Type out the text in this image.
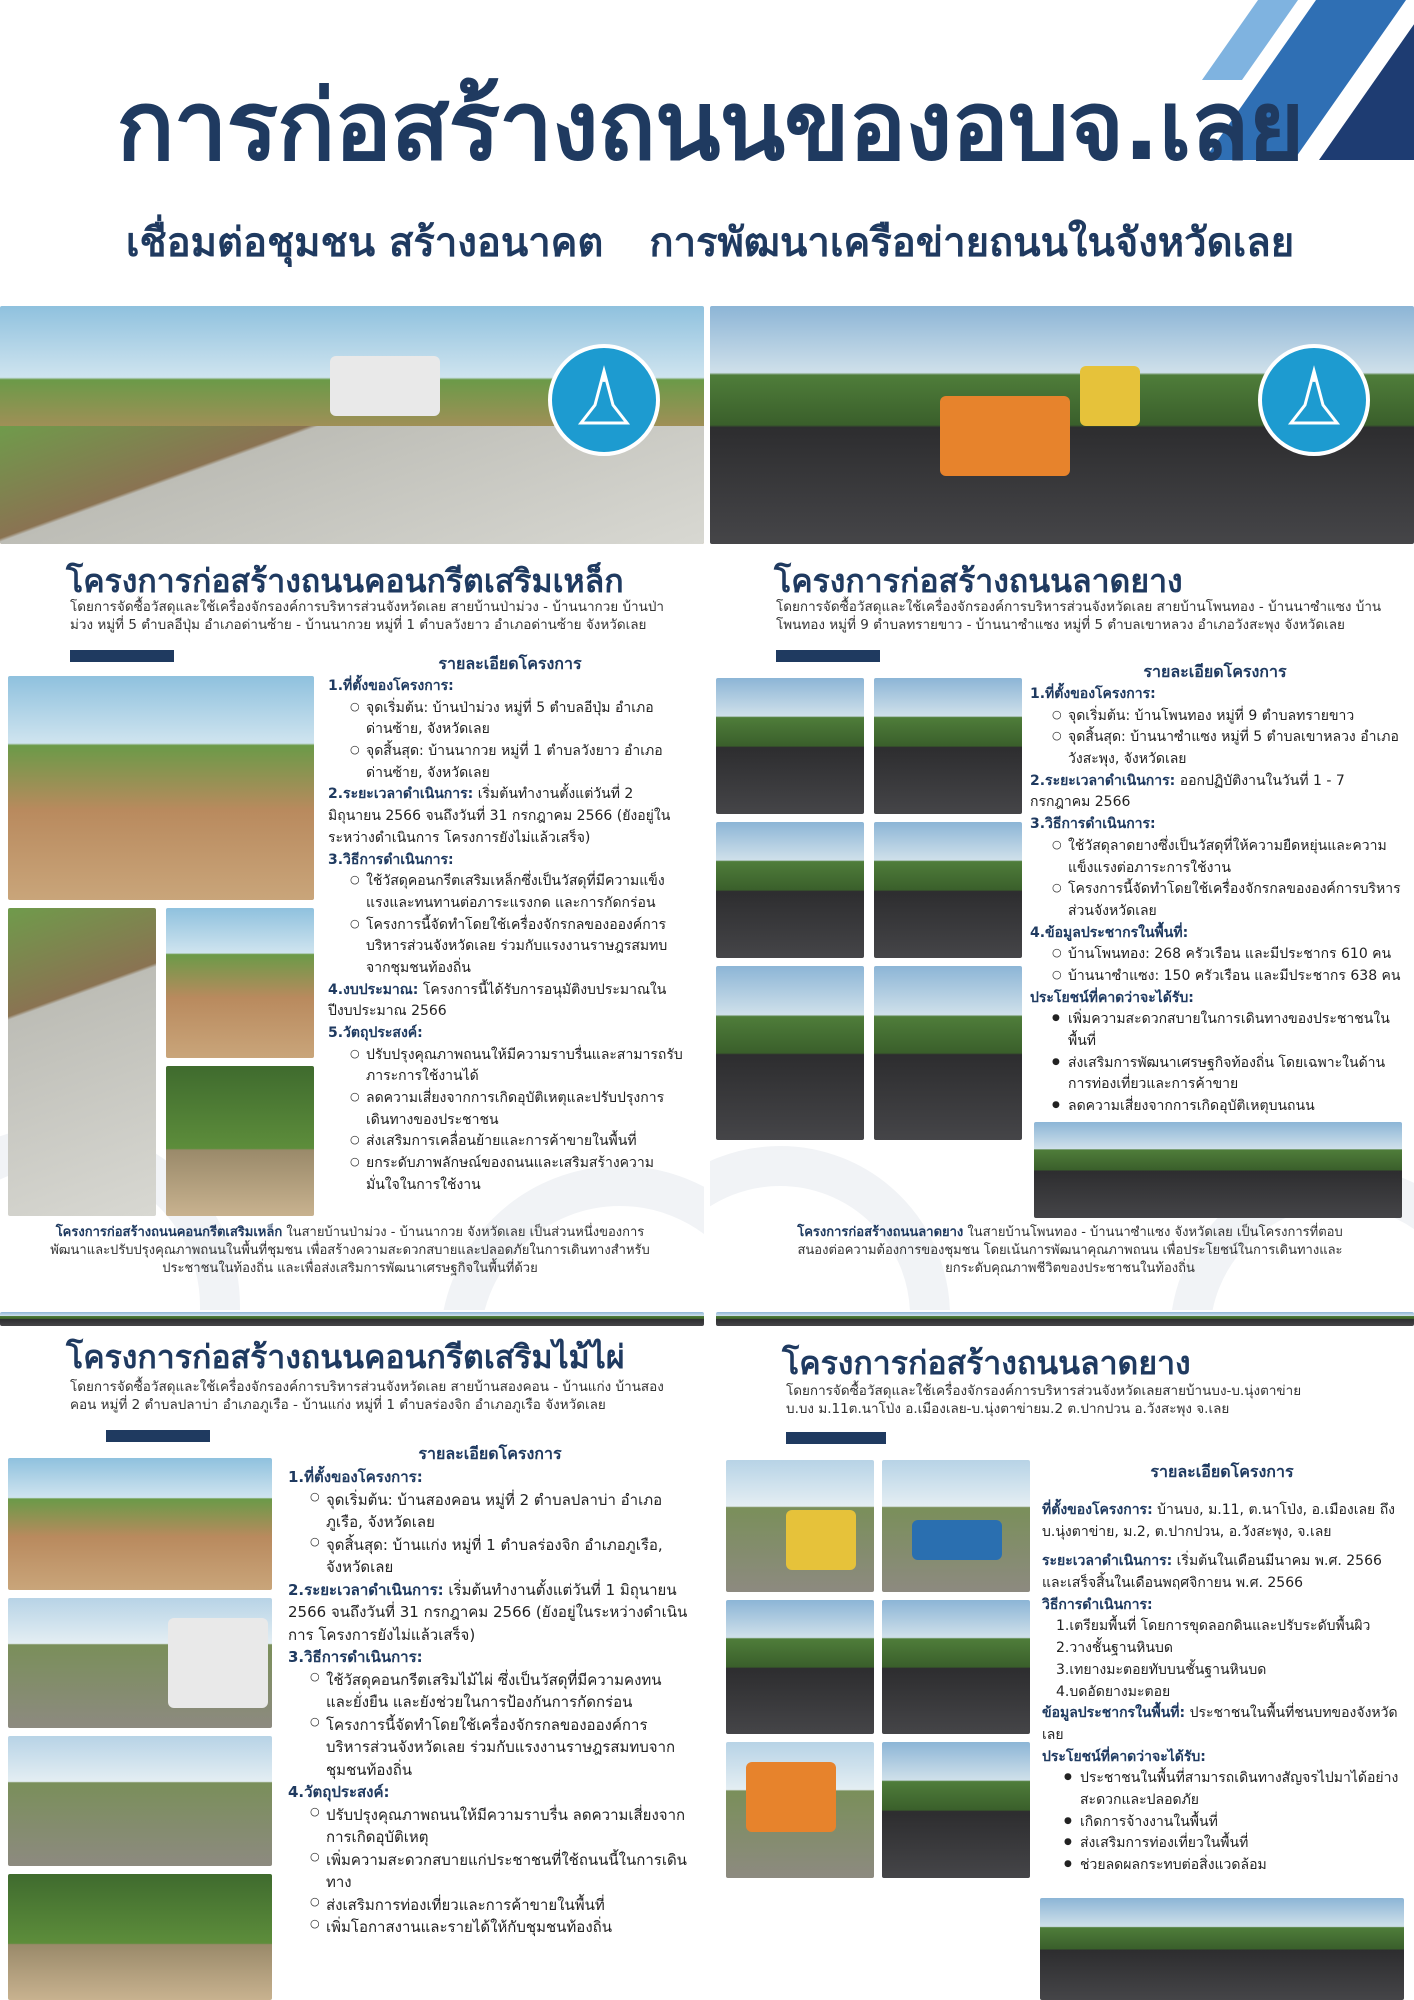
การก่อสร้างถนนของอบจ.เลย
เชื่อมต่อชุมชน สร้างอนาคต การพัฒนาเครือข่ายถนนในจังหวัดเลย
โครงการก่อสร้างถนนคอนกรีตเสริมเหล็ก
โดยการจัดซื้อวัสดุและใช้เครื่องจักรองค์การบริหารส่วนจังหวัดเลย สายบ้านป่าม่วง - บ้านนากวย บ้านป่าม่วง หมู่ที่ 5 ตำบลอีปุ่ม อำเภอด่านซ้าย - บ้านนากวย หมู่ที่ 1 ตำบลวังยาว อำเภอด่านซ้าย จังหวัดเลย
รายละเอียดโครงการ
1.ที่ตั้งของโครงการ:
○ จุดเริ่มต้น: บ้านป่าม่วง หมู่ที่ 5 ตำบลอีปุ่ม อำเภอด่านซ้าย, จังหวัดเลย
○ จุดสิ้นสุด: บ้านนากวย หมู่ที่ 1 ตำบลวังยาว อำเภอด่านซ้าย, จังหวัดเลย
2.ระยะเวลาดำเนินการ: เริ่มต้นทำงานตั้งแต่วันที่ 2 มิถุนายน 2566 จนถึงวันที่ 31 กรกฎาคม 2566 (ยังอยู่ในระหว่างดำเนินการ โครงการยังไม่แล้วเสร็จ)
3.วิธีการดำเนินการ:
○ ใช้วัสดุคอนกรีตเสริมเหล็กซึ่งเป็นวัสดุที่มีความแข็งแรงและทนทานต่อภาระแรงกด และการกัดกร่อน
○ โครงการนี้จัดทำโดยใช้เครื่องจักรกลของอองค์การบริหารส่วนจังหวัดเลย ร่วมกับแรงงานราษฎรสมทบจากชุมชนท้องถิ่น
4.งบประมาณ: โครงการนี้ได้รับการอนุมัติงบประมาณในปีงบประมาณ 2566
5.วัตถุประสงค์:
○ ปรับปรุงคุณภาพถนนให้มีความราบรื่นและสามารถรับภาระการใช้งานได้
○ ลดความเสี่ยงจากการเกิดอุบัติเหตุและปรับปรุงการเดินทางของประชาชน
○ ส่งเสริมการเคลื่อนย้ายและการค้าขายในพื้นที่
○ ยกระดับภาพลักษณ์ของถนนและเสริมสร้างความมั่นใจในการใช้งาน
โครงการก่อสร้างถนนคอนกรีตเสริมเหล็ก ในสายบ้านป่าม่วง - บ้านนากวย จังหวัดเลย เป็นส่วนหนึ่งของการพัฒนาและปรับปรุงคุณภาพถนนในพื้นที่ชุมชน เพื่อสร้างความสะดวกสบายและปลอดภัยในการเดินทางสำหรับประชาชนในท้องถิ่น และเพื่อส่งเสริมการพัฒนาเศรษฐกิจในพื้นที่ด้วย
โครงการก่อสร้างถนนลาดยาง
โดยการจัดซื้อวัสดุและใช้เครื่องจักรองค์การบริหารส่วนจังหวัดเลย สายบ้านโพนทอง - บ้านนาซำแซง บ้านโพนทอง หมู่ที่ 9 ตำบลทรายขาว - บ้านนาซำแซง หมู่ที่ 5 ตำบลเขาหลวง อำเภอวังสะพุง จังหวัดเลย
รายละเอียดโครงการ
1.ที่ตั้งของโครงการ:
○ จุดเริ่มต้น: บ้านโพนทอง หมู่ที่ 9 ตำบลทรายขาว
○ จุดสิ้นสุด: บ้านนาซำแซง หมู่ที่ 5 ตำบลเขาหลวง อำเภอวังสะพุง, จังหวัดเลย
2.ระยะเวลาดำเนินการ: ออกปฏิบัติงานในวันที่ 1 - 7 กรกฎาคม 2566
3.วิธีการดำเนินการ:
○ ใช้วัสดุลาดยางซึ่งเป็นวัสดุที่ให้ความยืดหยุ่นและความแข็งแรงต่อภาระการใช้งาน
○ โครงการนี้จัดทำโดยใช้เครื่องจักรกลขององค์การบริหารส่วนจังหวัดเลย
4.ข้อมูลประชากรในพื้นที่:
○ บ้านโพนทอง: 268 ครัวเรือน และมีประชากร 610 คน
○ บ้านนาซำแซง: 150 ครัวเรือน และมีประชากร 638 คน
ประโยชน์ที่คาดว่าจะได้รับ:
● เพิ่มความสะดวกสบายในการเดินทางของประชาชนในพื้นที่
● ส่งเสริมการพัฒนาเศรษฐกิจท้องถิ่น โดยเฉพาะในด้านการท่องเที่ยวและการค้าขาย
● ลดความเสี่ยงจากการเกิดอุบัติเหตุบนถนน
โครงการก่อสร้างถนนลาดยาง ในสายบ้านโพนทอง - บ้านนาซำแซง จังหวัดเลย เป็นโครงการที่ตอบสนองต่อความต้องการของชุมชน โดยเน้นการพัฒนาคุณภาพถนน เพื่อประโยชน์ในการเดินทางและยกระดับคุณภาพชีวิตของประชาชนในท้องถิ่น
โครงการก่อสร้างถนนคอนกรีตเสริมไม้ไผ่
โดยการจัดซื้อวัสดุและใช้เครื่องจักรองค์การบริหารส่วนจังหวัดเลย สายบ้านสองคอน - บ้านแก่ง บ้านสองคอน หมู่ที่ 2 ตำบลปลาบ่า อำเภอภูเรือ - บ้านแก่ง หมู่ที่ 1 ตำบลร่องจิก อำเภอภูเรือ จังหวัดเลย
รายละเอียดโครงการ
1.ที่ตั้งของโครงการ:
○ จุดเริ่มต้น: บ้านสองคอน หมู่ที่ 2 ตำบลปลาบ่า อำเภอภูเรือ, จังหวัดเลย
○ จุดสิ้นสุด: บ้านแก่ง หมู่ที่ 1 ตำบลร่องจิก อำเภอภูเรือ, จังหวัดเลย
2.ระยะเวลาดำเนินการ: เริ่มต้นทำงานตั้งแต่วันที่ 1 มิถุนายน 2566 จนถึงวันที่ 31 กรกฎาคม 2566 (ยังอยู่ในระหว่างดำเนินการ โครงการยังไม่แล้วเสร็จ)
3.วิธีการดำเนินการ:
○ ใช้วัสดุคอนกรีตเสริมไม้ไผ่ ซึ่งเป็นวัสดุที่มีความคงทนและยั่งยืน และยังช่วยในการป้องกันการกัดกร่อน
○ โครงการนี้จัดทำโดยใช้เครื่องจักรกลของอองค์การบริหารส่วนจังหวัดเลย ร่วมกับแรงงานราษฎรสมทบจากชุมชนท้องถิ่น
4.วัตถุประสงค์:
○ ปรับปรุงคุณภาพถนนให้มีความราบรื่น ลดความเสี่ยงจากการเกิดอุบัติเหตุ
○ เพิ่มความสะดวกสบายแก่ประชาชนที่ใช้ถนนนี้ในการเดินทาง
○ ส่งเสริมการท่องเที่ยวและการค้าขายในพื้นที่
○ เพิ่มโอกาสงานและรายได้ให้กับชุมชนท้องถิ่น
โครงการก่อสร้างถนนลาดยาง
โดยการจัดซื้อวัสดุและใช้เครื่องจักรองค์การบริหารส่วนจังหวัดเลยสายบ้านบง-บ.นุ่งตาข่าย บ.บง ม.11ต.นาโป่ง อ.เมืองเลย-บ.นุ่งตาข่ายม.2 ต.ปากปวน อ.วังสะพุง จ.เลย
รายละเอียดโครงการ
ที่ตั้งของโครงการ: บ้านบง, ม.11, ต.นาโป่ง, อ.เมืองเลย ถึง บ.นุ่งตาข่าย, ม.2, ต.ปากปวน, อ.วังสะพุง, จ.เลย
ระยะเวลาดำเนินการ: เริ่มต้นในเดือนมีนาคม พ.ศ. 2566 และเสร็จสิ้นในเดือนพฤศจิกายน พ.ศ. 2566
วิธีการดำเนินการ:
1.เตรียมพื้นที่ โดยการขุดลอกดินและปรับระดับพื้นผิว
2.วางชั้นฐานหินบด
3.เทยางมะตอยทับบนชั้นฐานหินบด
4.บดอัดยางมะตอย
ข้อมูลประชากรในพื้นที่: ประชาชนในพื้นที่ชนบทของจังหวัดเลย
ประโยชน์ที่คาดว่าจะได้รับ:
● ประชาชนในพื้นที่สามารถเดินทางสัญจรไปมาได้อย่างสะดวกและปลอดภัย
● เกิดการจ้างงานในพื้นที่
● ส่งเสริมการท่องเที่ยวในพื้นที่
● ช่วยลดผลกระทบต่อสิ่งแวดล้อม
